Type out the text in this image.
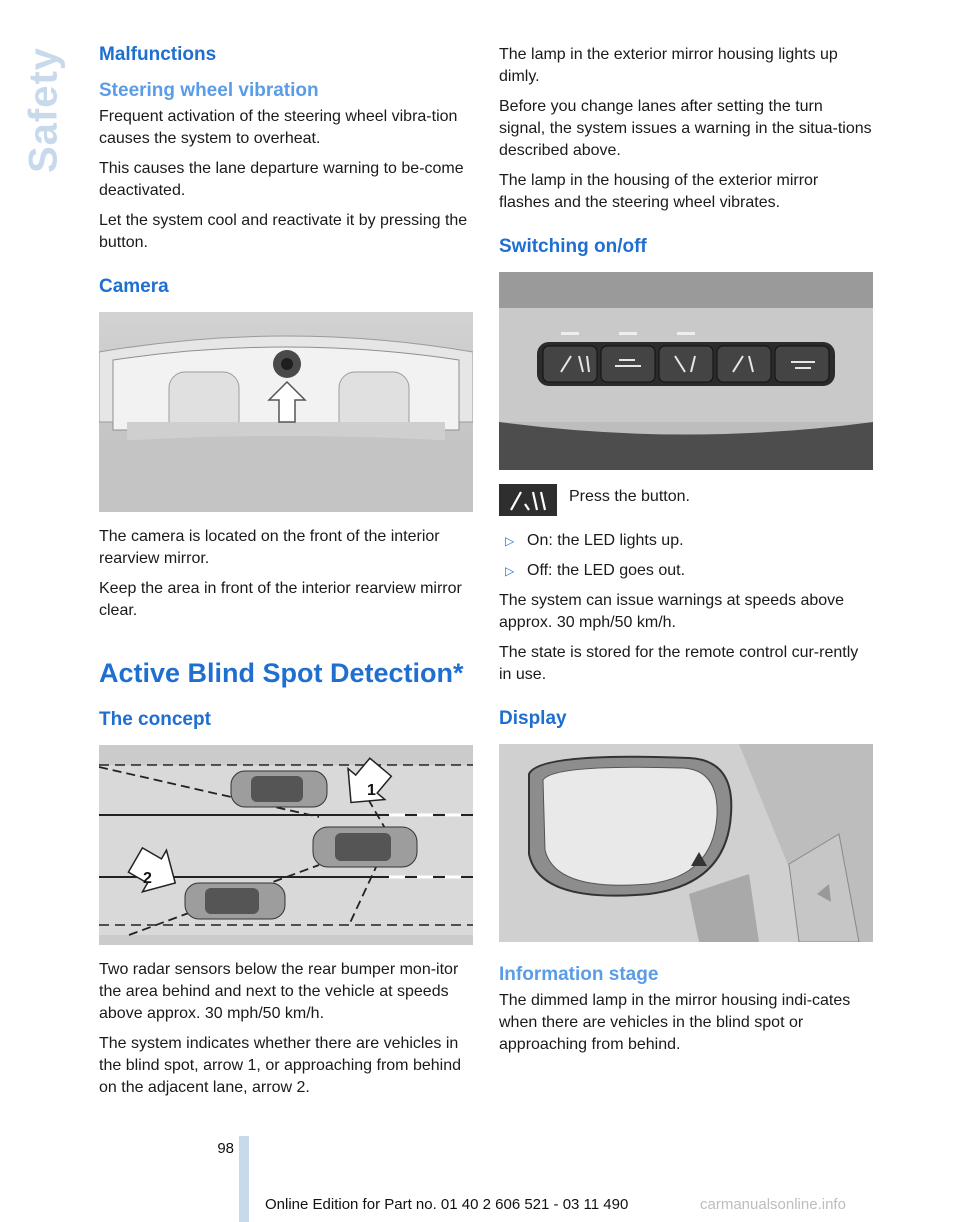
Safety Malfunctions
Steering wheel vibration

Frequent activation of the steering wheel vibra-tion causes the system to overheat.

This causes the lane departure warning to be-come deactivated.

Let the system cool and reactivate it by pressing the button.

Camera

The camera is located on the front of the interior rearview mirror.

Keep the area in front of the interior rearview mirror clear.

Active Blind Spot Detection*
The concept
1
2

Two radar sensors below the rear bumper mon-itor the area behind and next to the vehicle at speeds above approx. 30 mph/50 km/h.

The system indicates whether there are vehicles in the blind spot, arrow 1, or approaching from behind on the adjacent lane, arrow 2.

The lamp in the exterior mirror housing lights up dimly.

Before you change lanes after setting the turn signal, the system issues a warning in the situa-tions described above.

The lamp in the housing of the exterior mirror flashes and the steering wheel vibrates.

Switching on/off

Press the button.

▷ On: the LED lights up.
▷ Off: the LED goes out.

The system can issue warnings at speeds above approx. 30 mph/50 km/h.

The state is stored for the remote control cur-rently in use.

Display
Information stage

The dimmed lamp in the mirror housing indi-cates when there are vehicles in the blind spot or approaching from behind.

98
Online Edition for Part no. 01 40 2 606 521 - 03 11 490	carmanualsonline.info
